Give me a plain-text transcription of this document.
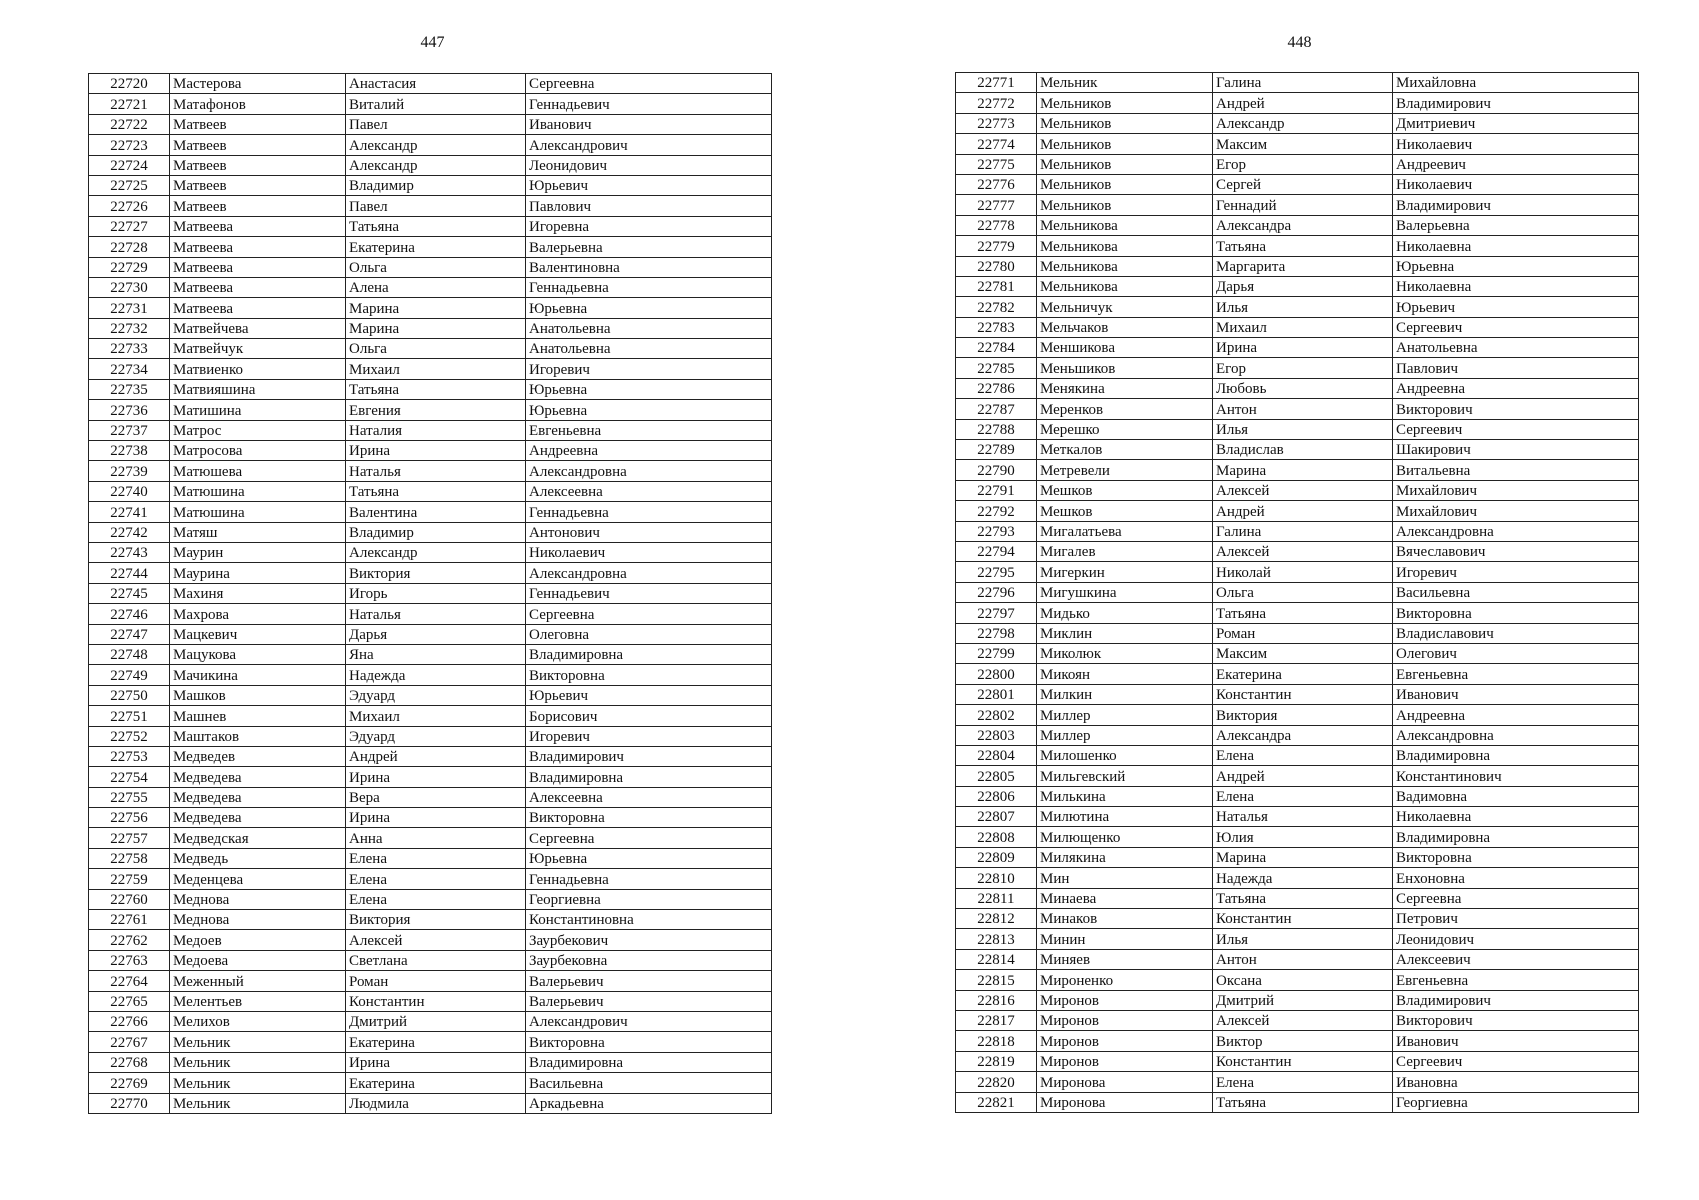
447
22720	Мастерова	Анастасия	Сергеевна
22721	Матафонов	Виталий	Геннадьевич
22722	Матвеев	Павел	Иванович
22723	Матвеев	Александр	Александрович
22724	Матвеев	Александр	Леонидович
22725	Матвеев	Владимир	Юрьевич
22726	Матвеев	Павел	Павлович
22727	Матвеева	Татьяна	Игоревна
22728	Матвеева	Екатерина	Валерьевна
22729	Матвеева	Ольга	Валентиновна
22730	Матвеева	Алена	Геннадьевна
22731	Матвеева	Марина	Юрьевна
22732	Матвейчева	Марина	Анатольевна
22733	Матвейчук	Ольга	Анатольевна
22734	Матвиенко	Михаил	Игоревич
22735	Матвияшина	Татьяна	Юрьевна
22736	Матишина	Евгения	Юрьевна
22737	Матрос	Наталия	Евгеньевна
22738	Матросова	Ирина	Андреевна
22739	Матюшева	Наталья	Александровна
22740	Матюшина	Татьяна	Алексеевна
22741	Матюшина	Валентина	Геннадьевна
22742	Матяш	Владимир	Антонович
22743	Маурин	Александр	Николаевич
22744	Маурина	Виктория	Александровна
22745	Махиня	Игорь	Геннадьевич
22746	Махрова	Наталья	Сергеевна
22747	Мацкевич	Дарья	Олеговна
22748	Мацукова	Яна	Владимировна
22749	Мачикина	Надежда	Викторовна
22750	Машков	Эдуард	Юрьевич
22751	Машнев	Михаил	Борисович
22752	Маштаков	Эдуард	Игоревич
22753	Медведев	Андрей	Владимирович
22754	Медведева	Ирина	Владимировна
22755	Медведева	Вера	Алексеевна
22756	Медведева	Ирина	Викторовна
22757	Медведская	Анна	Сергеевна
22758	Медведь	Елена	Юрьевна
22759	Меденцева	Елена	Геннадьевна
22760	Меднова	Елена	Георгиевна
22761	Меднова	Виктория	Константиновна
22762	Медоев	Алексей	Заурбекович
22763	Медоева	Светлана	Заурбековна
22764	Меженный	Роман	Валерьевич
22765	Мелентьев	Константин	Валерьевич
22766	Мелихов	Дмитрий	Александрович
22767	Мельник	Екатерина	Викторовна
22768	Мельник	Ирина	Владимировна
22769	Мельник	Екатерина	Васильевна
22770	Мельник	Людмила	Аркадьевна
448
22771	Мельник	Галина	Михайловна
22772	Мельников	Андрей	Владимирович
22773	Мельников	Александр	Дмитриевич
22774	Мельников	Максим	Николаевич
22775	Мельников	Егор	Андреевич
22776	Мельников	Сергей	Николаевич
22777	Мельников	Геннадий	Владимирович
22778	Мельникова	Александра	Валерьевна
22779	Мельникова	Татьяна	Николаевна
22780	Мельникова	Маргарита	Юрьевна
22781	Мельникова	Дарья	Николаевна
22782	Мельничук	Илья	Юрьевич
22783	Мельчаков	Михаил	Сергеевич
22784	Меншикова	Ирина	Анатольевна
22785	Меньшиков	Егор	Павлович
22786	Менякина	Любовь	Андреевна
22787	Меренков	Антон	Викторович
22788	Мерешко	Илья	Сергеевич
22789	Меткалов	Владислав	Шакирович
22790	Метревели	Марина	Витальевна
22791	Мешков	Алексей	Михайлович
22792	Мешков	Андрей	Михайлович
22793	Мигалатьева	Галина	Александровна
22794	Мигалев	Алексей	Вячеславович
22795	Мигеркин	Николай	Игоревич
22796	Мигушкина	Ольга	Васильевна
22797	Мидько	Татьяна	Викторовна
22798	Миклин	Роман	Владиславович
22799	Миколюк	Максим	Олегович
22800	Микоян	Екатерина	Евгеньевна
22801	Милкин	Константин	Иванович
22802	Миллер	Виктория	Андреевна
22803	Миллер	Александра	Александровна
22804	Милошенко	Елена	Владимировна
22805	Мильгевский	Андрей	Константинович
22806	Милькина	Елена	Вадимовна
22807	Милютина	Наталья	Николаевна
22808	Милющенко	Юлия	Владимировна
22809	Милякина	Марина	Викторовна
22810	Мин	Надежда	Енхоновна
22811	Минаева	Татьяна	Сергеевна
22812	Минаков	Константин	Петрович
22813	Минин	Илья	Леонидович
22814	Миняев	Антон	Алексеевич
22815	Мироненко	Оксана	Евгеньевна
22816	Миронов	Дмитрий	Владимирович
22817	Миронов	Алексей	Викторович
22818	Миронов	Виктор	Иванович
22819	Миронов	Константин	Сергеевич
22820	Миронова	Елена	Ивановна
22821	Миронова	Татьяна	Георгиевна
